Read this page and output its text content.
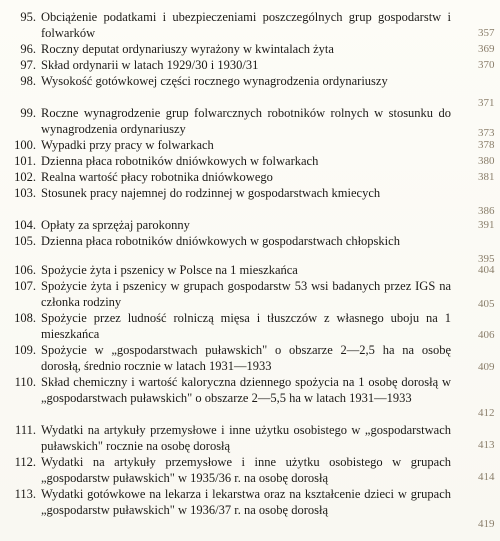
95. Obciążenie podatkami i ubezpieczeniami poszczególnych grup gospodarstw i folwarków	357
96. Roczny deputat ordynariuszy wyrażony w kwintalach żyta	369
97. Skład ordynarii w latach 1929/30 i 1930/31	370
98. Wysokość gotówkowej części rocznego wynagrodzenia ordynariuszy
371
99. Roczne wynagrodzenie grup folwarcznych robotników rolnych w stosunku do wynagrodzenia ordynariuszy	373
100. Wypadki przy pracy w folwarkach	378
101. Dzienna płaca robotników dniówkowych w folwarkach	380
102. Realna wartość płacy robotnika dniówkowego	381
103. Stosunek pracy najemnej do rodzinnej w gospodarstwach kmiecych
386
104. Opłaty za sprzężaj parokonny	391
105. Dzienna płaca robotników dniówkowych w gospodarstwach chłopskich
395
106. Spożycie żyta i pszenicy w Polsce na 1 mieszkańca	404
107. Spożycie żyta i pszenicy w grupach gospodarstw 53 wsi badanych przez IGS na członka rodziny	405
108. Spożycie przez ludność rolniczą mięsa i tłuszczów z własnego uboju na 1 mieszkańca	406
109. Spożycie w „gospodarstwach puławskich" o obszarze 2—2,5 ha na osobę dorosłą, średnio rocznie w latach 1931—1933	409
110. Skład chemiczny i wartość kaloryczna dziennego spożycia na 1 osobę dorosłą w „gospodarstwach puławskich" o obszarze 2—5,5 ha w latach 1931—1933
412
111. Wydatki na artykuły przemysłowe i inne użytku osobistego w „gospodarstwach puławskich" rocznie na osobę dorosłą	413
112. Wydatki na artykuły przemysłowe i inne użytku osobistego w grupach „gospodarstw puławskich" w 1935/36 r. na osobę dorosłą	414
113. Wydatki gotówkowe na lekarza i lekarstwa oraz na kształcenie dzieci w grupach „gospodarstw puławskich" w 1936/37 r. na osobę dorosłą
419
